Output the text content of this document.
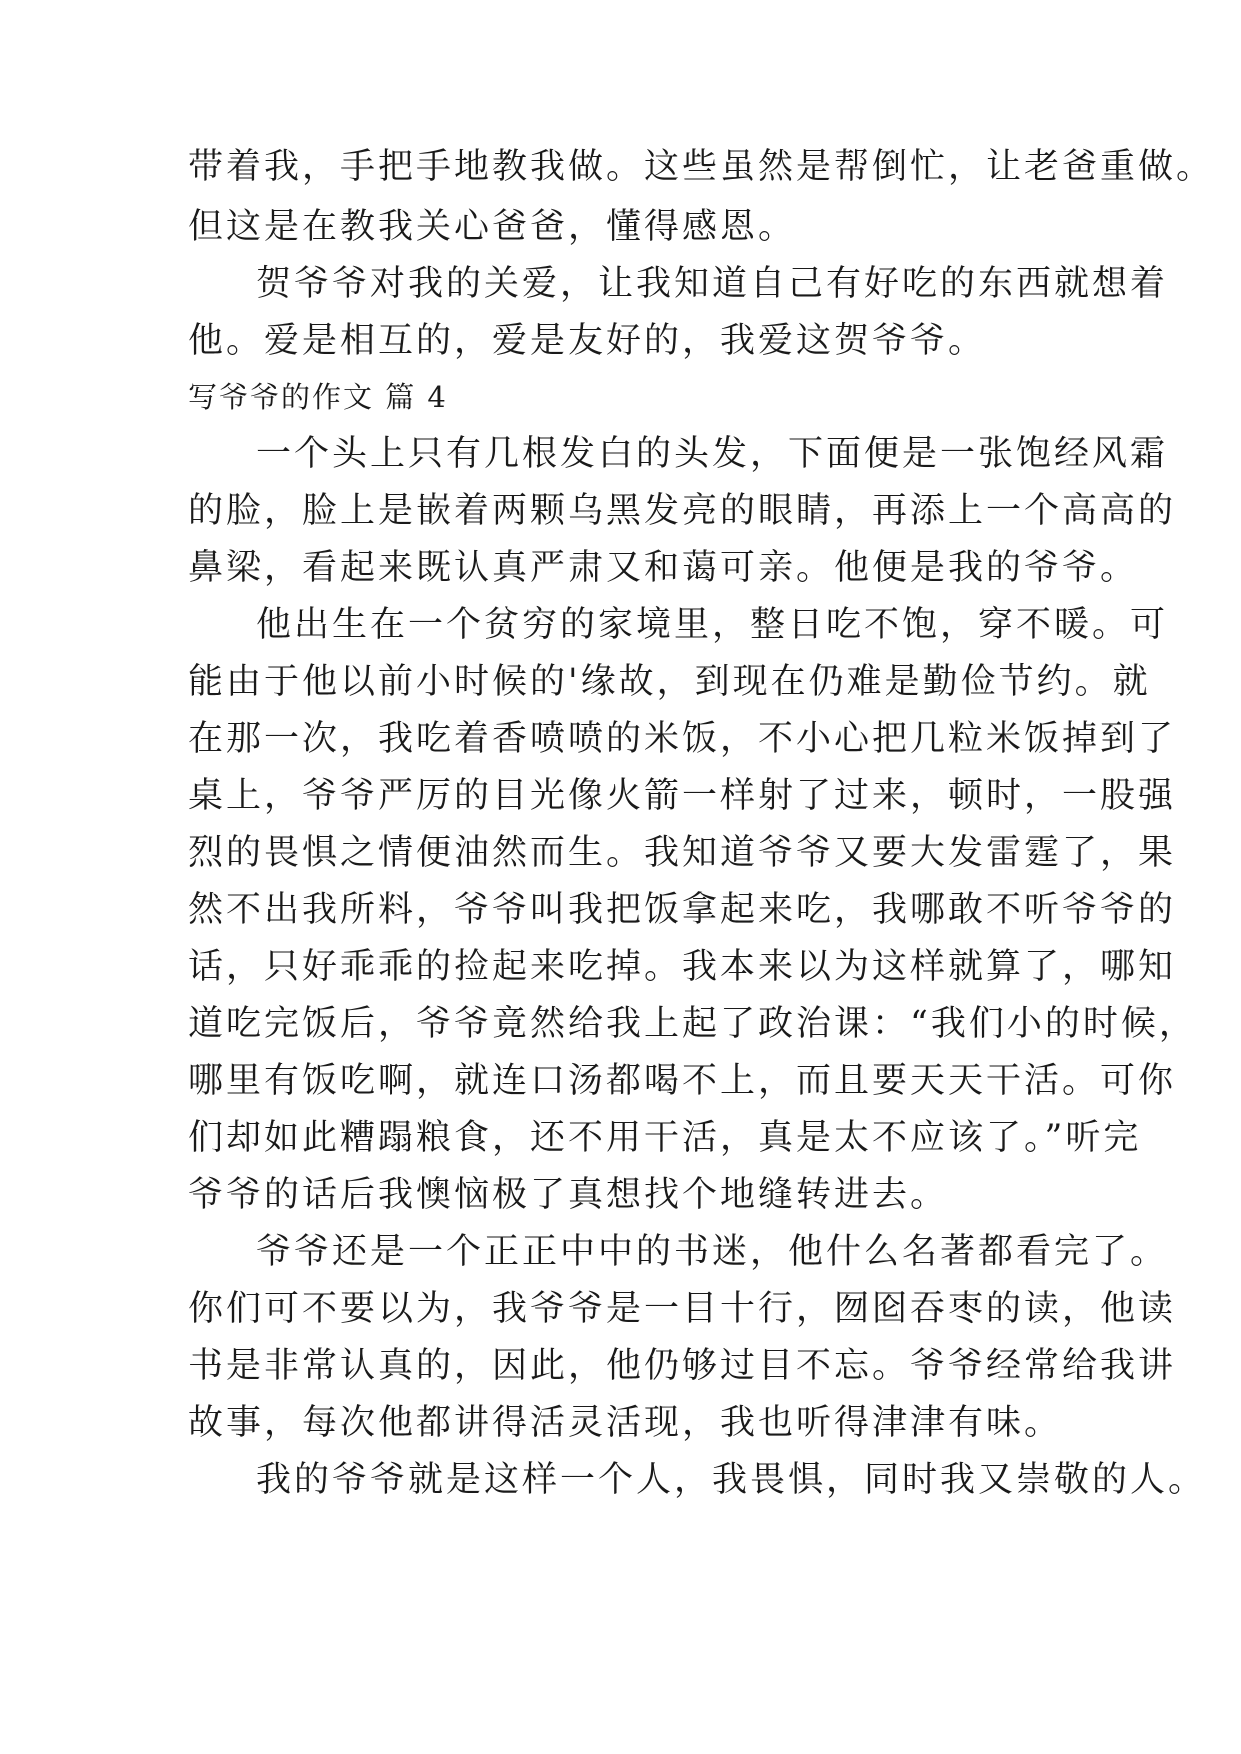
带着我，手把手地教我做。这些虽然是帮倒忙，让老爸重做。
但这是在教我关心爸爸，懂得感恩。
贺爷爷对我的关爱，让我知道自己有好吃的东西就想着
他。爱是相互的，爱是友好的，我爱这贺爷爷。
写爷爷的作文 篇 4
一个头上只有几根发白的头发，下面便是一张饱经风霜
的脸，脸上是嵌着两颗乌黑发亮的眼睛，再添上一个高高的
鼻梁，看起来既认真严肃又和蔼可亲。他便是我的爷爷。
他出生在一个贫穷的家境里，整日吃不饱，穿不暖。可
能由于他以前小时候的'缘故，到现在仍难是勤俭节约。就
在那一次，我吃着香喷喷的米饭，不小心把几粒米饭掉到了
桌上，爷爷严厉的目光像火箭一样射了过来，顿时，一股强
烈的畏惧之情便油然而生。我知道爷爷又要大发雷霆了，果
然不出我所料，爷爷叫我把饭拿起来吃，我哪敢不听爷爷的
话，只好乖乖的捡起来吃掉。我本来以为这样就算了，哪知
道吃完饭后，爷爷竟然给我上起了政治课：“我们小的时候，
哪里有饭吃啊，就连口汤都喝不上，而且要天天干活。可你
们却如此糟蹋粮食，还不用干活，真是太不应该了。”听完
爷爷的话后我懊恼极了真想找个地缝转进去。
爷爷还是一个正正中中的书迷，他什么名著都看完了。
你们可不要以为，我爷爷是一目十行，囫囵吞枣的读，他读
书是非常认真的，因此，他仍够过目不忘。爷爷经常给我讲
故事，每次他都讲得活灵活现，我也听得津津有味。
我的爷爷就是这样一个人，我畏惧，同时我又崇敬的人。
